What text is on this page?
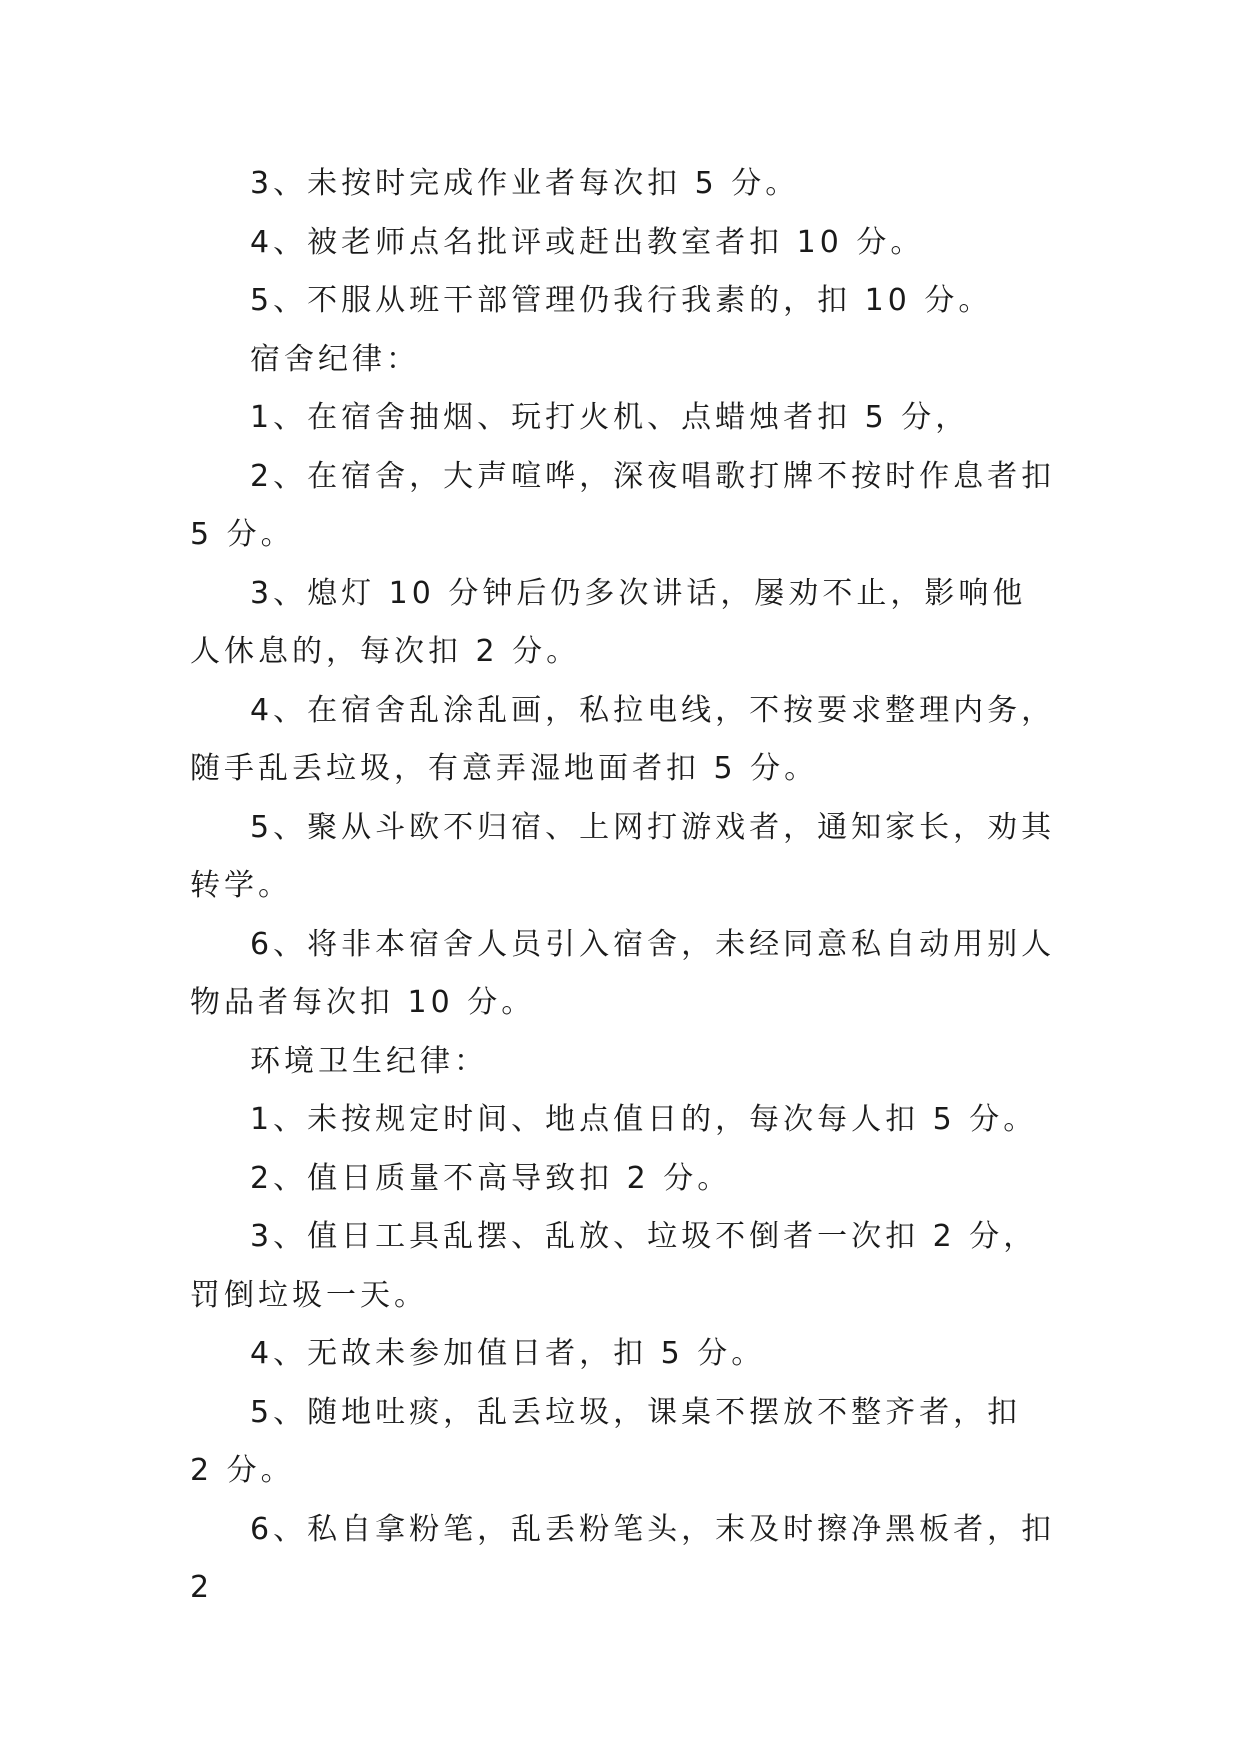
3、未按时完成作业者每次扣 5 分。

4、被老师点名批评或赶出教室者扣 10 分。

5、不服从班干部管理仍我行我素的，扣 10 分。

宿舍纪律：

1、在宿舍抽烟、玩打火机、点蜡烛者扣 5 分，

2、在宿舍，大声喧哗，深夜唱歌打牌不按时作息者扣 5 分。

3、熄灯 10 分钟后仍多次讲话，屡劝不止，影响他人休息的，每次扣 2 分。

4、在宿舍乱涂乱画，私拉电线，不按要求整理内务，随手乱丢垃圾，有意弄湿地面者扣 5 分。

5、聚从斗欧不归宿、上网打游戏者，通知家长，劝其转学。

6、将非本宿舍人员引入宿舍，未经同意私自动用别人物品者每次扣 10 分。

环境卫生纪律：

1、未按规定时间、地点值日的，每次每人扣 5 分。

2、值日质量不高导致扣 2 分。

3、值日工具乱摆、乱放、垃圾不倒者一次扣 2 分，罚倒垃圾一天。

4、无故未参加值日者，扣 5 分。

5、随地吐痰，乱丢垃圾，课桌不摆放不整齐者，扣 2 分。

6、私自拿粉笔，乱丢粉笔头，末及时擦净黑板者，扣2
